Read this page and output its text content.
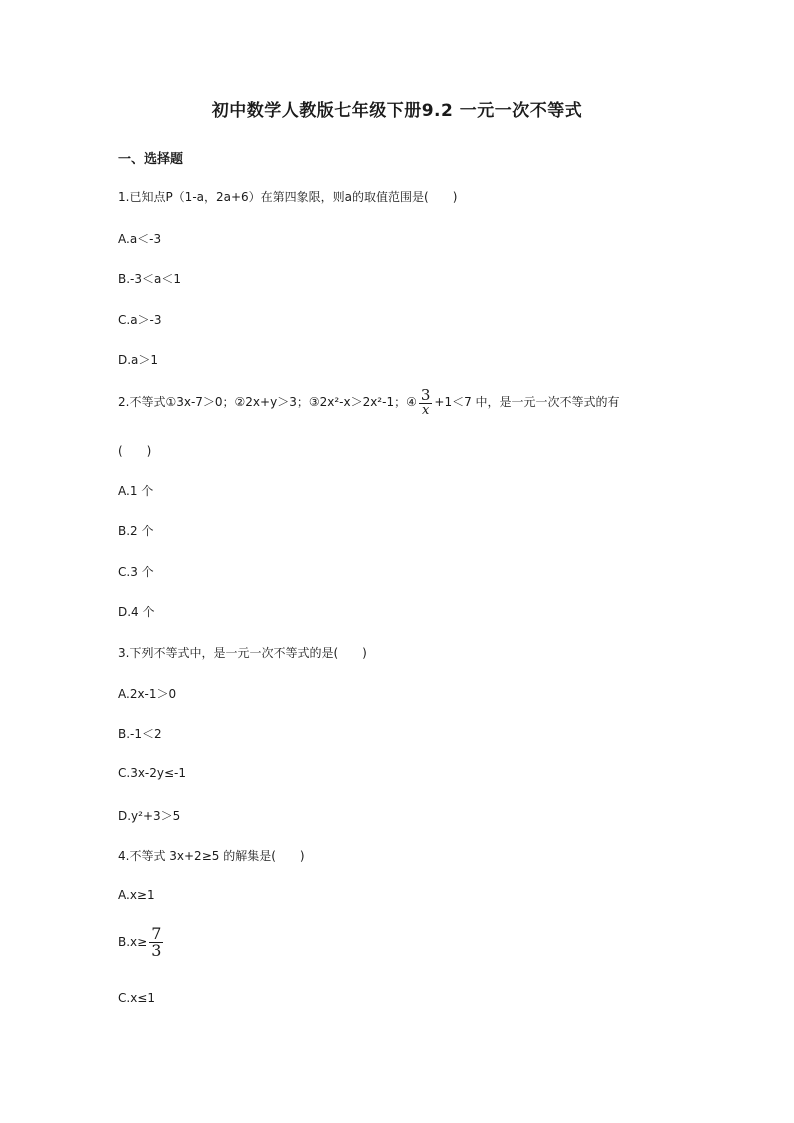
初中数学人教版七年级下册9.2 一元一次不等式
一、选择题
1.已知点P（1-a，2a+6）在第四象限，则a的取值范围是(　　)
A.a＜-3
B.-3＜a＜1
C.a＞-3
D.a＞1
2.不等式①3x-7＞0；②2x+y＞3；③2x²-x＞2x²-1；④ $\frac{3}{x} +1<7$ 中，是一元一次不等式的有
(　　)
A.1 个
B.2 个
C.3 个
D.4 个
3.下列不等式中，是一元一次不等式的是(　　)
A.2x-1＞0
B.-1＜2
C.3x-2y≤-1
D.y²+3＞5
4.不等式 3x+2≥5 的解集是(　　)
A.x≥1
$B.x\ge \frac{7}{3}$
C.x≤1
